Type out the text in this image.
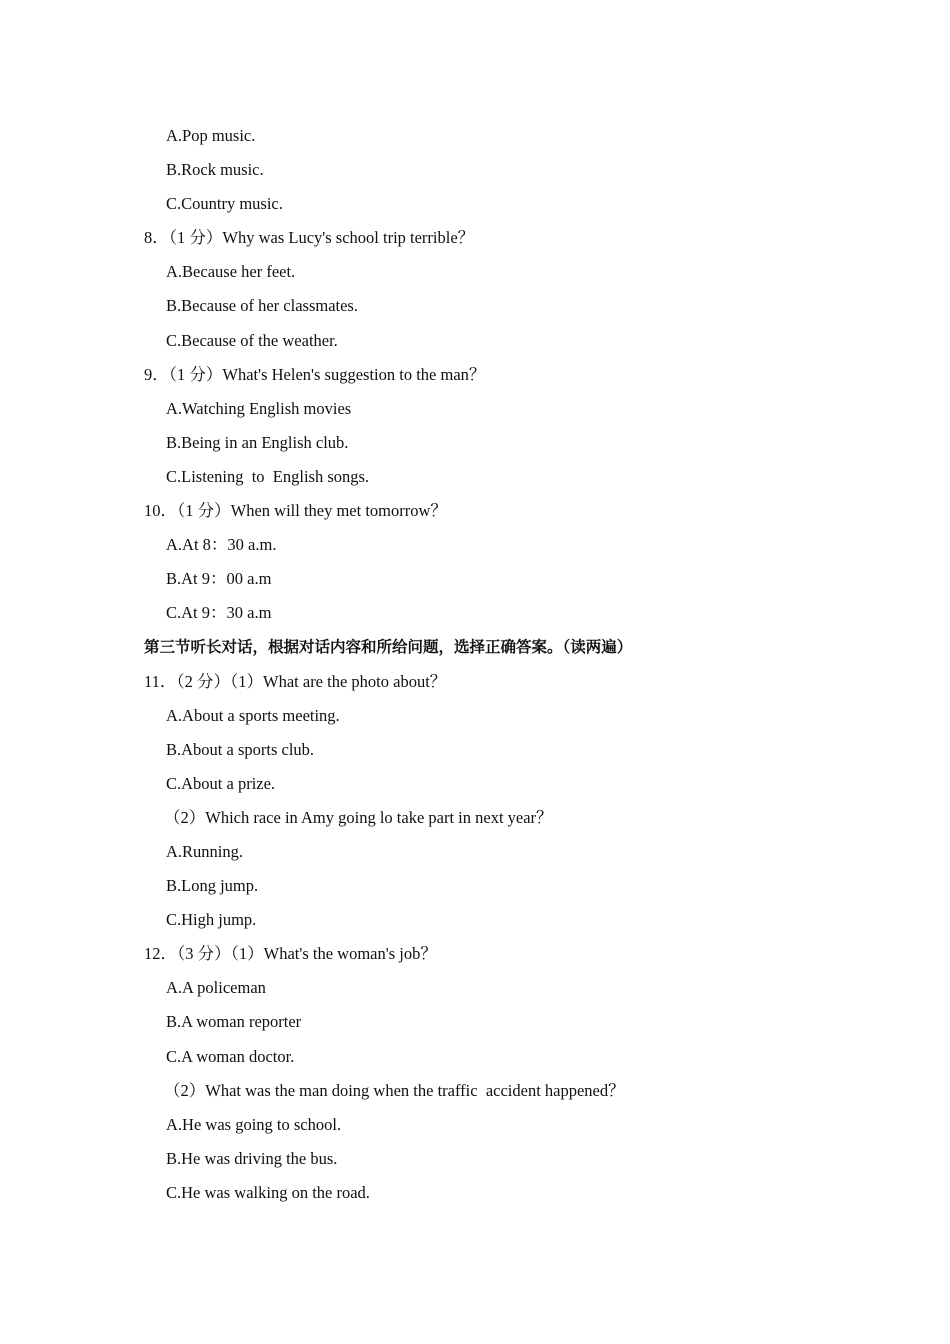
A.Pop music.
B.Rock music.
C.Country music.
8．（1 分）Why was Lucy's school trip terrible？
A.Because her feet.
B.Because of her classmates.
C.Because of the weather.
9．（1 分）What's Helen's suggestion to the man？
A.Watching English movies
B.Being in an English club.
C.Listening  to  English songs.
10．（1 分）When will they met tomorrow？
A.At 8：30 a.m.
B.At 9：00 a.m
C.At 9：30 a.m
第三节听长对话，根据对话内容和所给问题，选择正确答案。（读两遍）
11．（2 分）（1）What are the photo about？
A.About a sports meeting.
B.About a sports club.
C.About a prize.
（2）Which race in Amy going lo take part in next year？
A.Running.
B.Long jump.
C.High jump.
12．（3 分）（1）What's the woman's job？
A.A policeman
B.A woman reporter
C.A woman doctor.
（2）What was the man doing when the traffic  accident happened？
A.He was going to school.
B.He was driving the bus.
C.He was walking on the road.
